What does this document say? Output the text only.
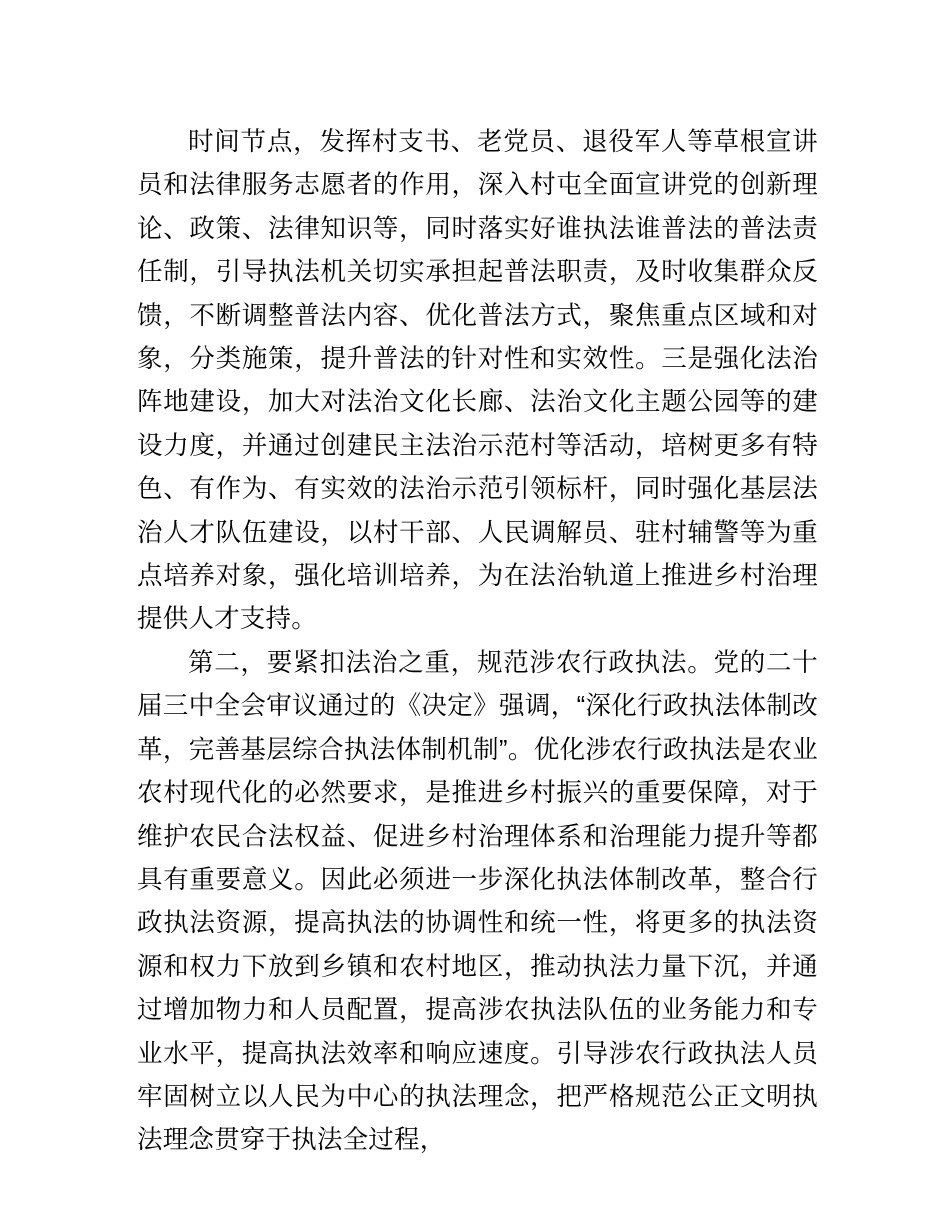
时间节点，发挥村支书、老党员、退役军人等草根宣讲员和法律服务志愿者的作用，深入村屯全面宣讲党的创新理论、政策、法律知识等，同时落实好谁执法谁普法的普法责任制，引导执法机关切实承担起普法职责，及时收集群众反馈，不断调整普法内容、优化普法方式，聚焦重点区域和对象，分类施策，提升普法的针对性和实效性。三是强化法治阵地建设，加大对法治文化长廊、法治文化主题公园等的建设力度，并通过创建民主法治示范村等活动，培树更多有特色、有作为、有实效的法治示范引领标杆，同时强化基层法治人才队伍建设，以村干部、人民调解员、驻村辅警等为重点培养对象，强化培训培养，为在法治轨道上推进乡村治理提供人才支持。

第二，要紧扣法治之重，规范涉农行政执法。党的二十届三中全会审议通过的《决定》强调，“深化行政执法体制改革，完善基层综合执法体制机制”。优化涉农行政执法是农业农村现代化的必然要求，是推进乡村振兴的重要保障，对于维护农民合法权益、促进乡村治理体系和治理能力提升等都具有重要意义。因此必须进一步深化执法体制改革，整合行政执法资源，提高执法的协调性和统一性，将更多的执法资源和权力下放到乡镇和农村地区，推动执法力量下沉，并通过增加物力和人员配置，提高涉农执法队伍的业务能力和专业水平，提高执法效率和响应速度。引导涉农行政执法人员牢固树立以人民为中心的执法理念，把严格规范公正文明执法理念贯穿于执法全过程，
